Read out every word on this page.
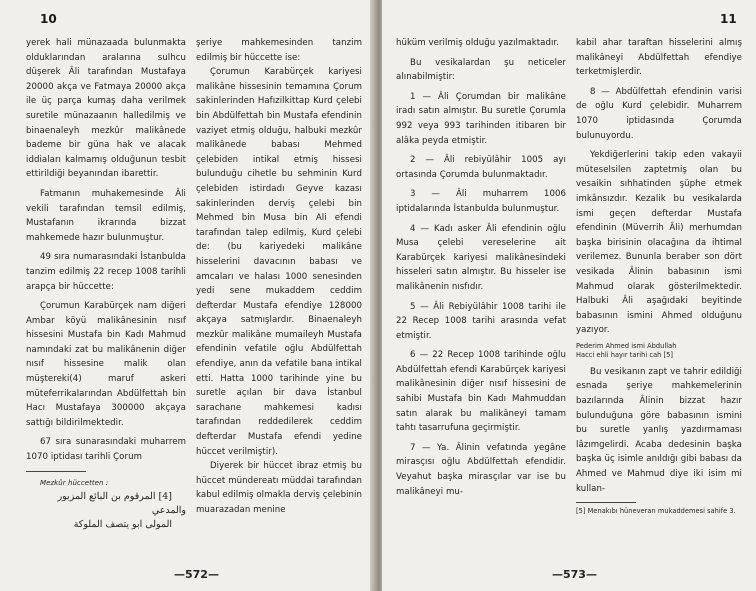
10

yerek hali münazaada bulunmakta olduklarından aralarına sulhcu düşerek Âli tarafından Mustafaya 20000 akça ve Fatmaya 20000 akça ile üç parça kumaş daha verilmek suretile münazaanın halledilmiş ve binaenaleyh mezkûr malikânede bademe bir güna hak ve alacak iddiaları kalmamış olduğunun tesbit ettirildiği beyanından ibarettir.

Fatmanın muhakemesinde Âli vekili tarafından temsil edilmiş, Mustafanın ikrarında bizzat mahkemede hazır bulunmuştur.

49 sıra numarasındaki İstanbulda tanzim edilmiş 22 recep 1008 tarihli arapça bir hüccette:

Çorumun Karabürçek nam diğeri Ambar köyü malikânesinin nısıf hissesini Mustafa bin Kadı Mahmud namındaki zat bu malikânenin diğer nısıf hissesine malik olan müştereki(4) maruf askeri müteferrikalarından Abdülfettah bin Hacı Mustafaya 300000 akçaya sattığı bildirilmektedir.

67 sıra sunarasındaki muharrem 1070 iptidası tarihli Çorum

Mezkûr hüccetten :

[4] المرقوم بن البائع المزبور والمدعي

المولى ابو يتصف الملوكة

şeriye mahkemesinden tanzim edilmiş bir hüccette ise:

Çorumun Karabürçek kariyesi malikâne hissesinin temamına Çorum sakinlerinden Hafızilkittap Kurd çelebi bin Abdülfettah bin Mustafa efendinin vaziyet etmiş olduğu, halbuki mezkûr malikânede babası Mehmed çelebiden intikal etmiş hissesi bulunduğu cihetle bu sehminin Kurd çelebiden istirdadı Geyve kazası sakinlerinden derviş çelebi bin Mehmed bin Musa bin Ali efendi tarafından talep edilmiş, Kurd çelebi de: (bu kariyedeki malikâne hisselerini davacının babası ve amcaları ve halası 1000 senesinden yedi sene mukaddem ceddim defterdar Mustafa efendiye 128000 akçaya satmışlardır. Binaenaleyh mezkûr malikâne mumaileyh Mustafa efendinin vefatile oğlu Abdülfettah efendiye, anın da vefatile bana intikal etti. Hatta 1000 tarihinde yine bu suretle açılan bir dava İstanbul sarachane mahkemesi kadısı tarafından reddedilerek ceddim defterdar Mustafa efendi yedine hüccet verilmiştir).

Diyerek bir hüccet ibraz etmiş bu hüccet mündereatı müddai tarafından kabul edilmiş olmakla derviş çelebinin muarazadan menine

—572—
11

hüküm verilmiş olduğu yazılmaktadır.

Bu vesikalardan şu neticeler alınabilmiştir:

1 — Âli Çorumdan bir malikâne iradı satın almıştır. Bu suretle Çorumla 992 veya 993 tarihinden itibaren bir alâka peyda etmiştir.

2 — Âli rebiyülâhir 1005 ayı ortasında Çorumda bulunmaktadır.

3 — Âli muharrem 1006 iptidalarında İstanbulda bulunmuştur.

4 — Kadı asker Âli efendinin oğlu Musa çelebi vereselerine ait Karabürçek kariyesi malikânesindeki hisseleri satın almıştır. Bu hisseler ise malikânenin nısfıdır.

5 — Âli Rebiyülâhir 1008 tarihi ile 22 Recep 1008 tarihi arasında vefat etmiştir.

6 — 22 Recep 1008 tarihinde oğlu Abdülfettah efendi Karabürçek kariyesi malikânesinin diğer nısıf hissesini de sahibi Mustafa bin Kadı Mahmuddan satın alarak bu malikâneyi tamam tahtı tasarrufuna geçirmiştir.

7 — Ya. Âlinin vefatında yegâne mirasçısı oğlu Abdülfettah efendidir. Veyahut başka mirasçılar var ise bu malikâneyi mu-

kabil ahar taraftan hisselerini almış malikâneyi Abdülfettah efendiye terketmişlerdir.

8 — Abdülfettah efendinin varisi de oğlu Kurd çelebidir. Muharrem 1070 iptidasında Çorumda bulunuyordu.

Yekdiğerlerini takip eden vakayii müteselsilen zaptetmiş olan bu vesaikin sıhhatinden şüphe etmek imkânsızdır. Kezalik bu vesikalarda ismi geçen defterdar Mustafa efendinin (Müverrih Âli) merhumdan başka birisinin olacağına da ihtimal verilemez. Bununla beraber son dört vesikada Âlinin babasının ismi Mahmud olarak gösterilmektedir. Halbuki Âli aşağıdaki beyitinde babasının ismini Ahmed olduğunu yazıyor.

Pederim Ahmed ismi Abdullah

Hacci ehli hayır tarihi cah [5]

Bu vesikanın zapt ve tahrir edildiği esnada şeriye mahkemelerinin bazılarında Âlinin bizzat hazır bulunduğuna göre babasının ismini bu suretle yanlış yazdırmaması lâzımgelirdi. Acaba dedesinin başka başka üç isimle anıldığı gibi babası da Ahmed ve Mahmud diye iki isim mi kullan-

[5] Menakıbı hüneveran mukaddemesi sahife 3.

—573—
